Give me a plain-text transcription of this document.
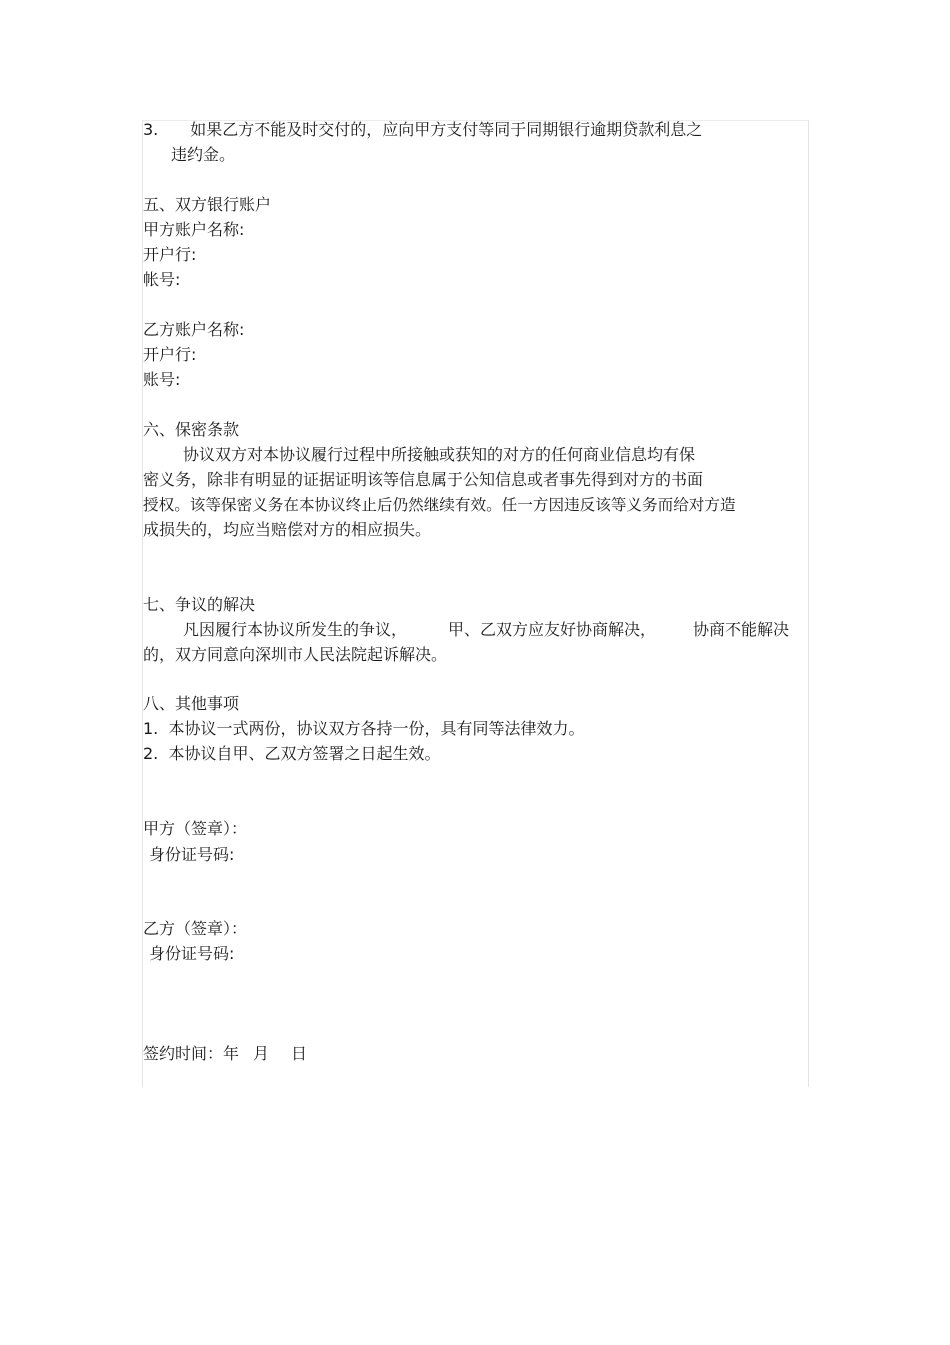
3. 如果乙方不能及时交付的，应向甲方支付等同于同期银行逾期贷款利息之
违约金。
五、双方银行账户
甲方账户名称:
开户行:
帐号:
乙方账户名称:
开户行:
账号:
六、保密条款
协议双方对本协议履行过程中所接触或获知的对方的任何商业信息均有保
密义务，除非有明显的证据证明该等信息属于公知信息或者事先得到对方的书面
授权。该等保密义务在本协议终止后仍然继续有效。任一方因违反该等义务而给对方造
成损失的，均应当赔偿对方的相应损失。
七、争议的解决
凡因履行本协议所发生的争议，	甲、乙双方应友好协商解决， 协商不能解决
的，双方同意向深圳市人民法院起诉解决。
八、其他事项
1. 本协议一式两份，协议双方各持一份，具有同等法律效力。
2. 本协议自甲、乙双方签署之日起生效。
甲方（签章）：
身份证号码:
乙方（签章）：
身份证号码:
签约时间：年 月 日
